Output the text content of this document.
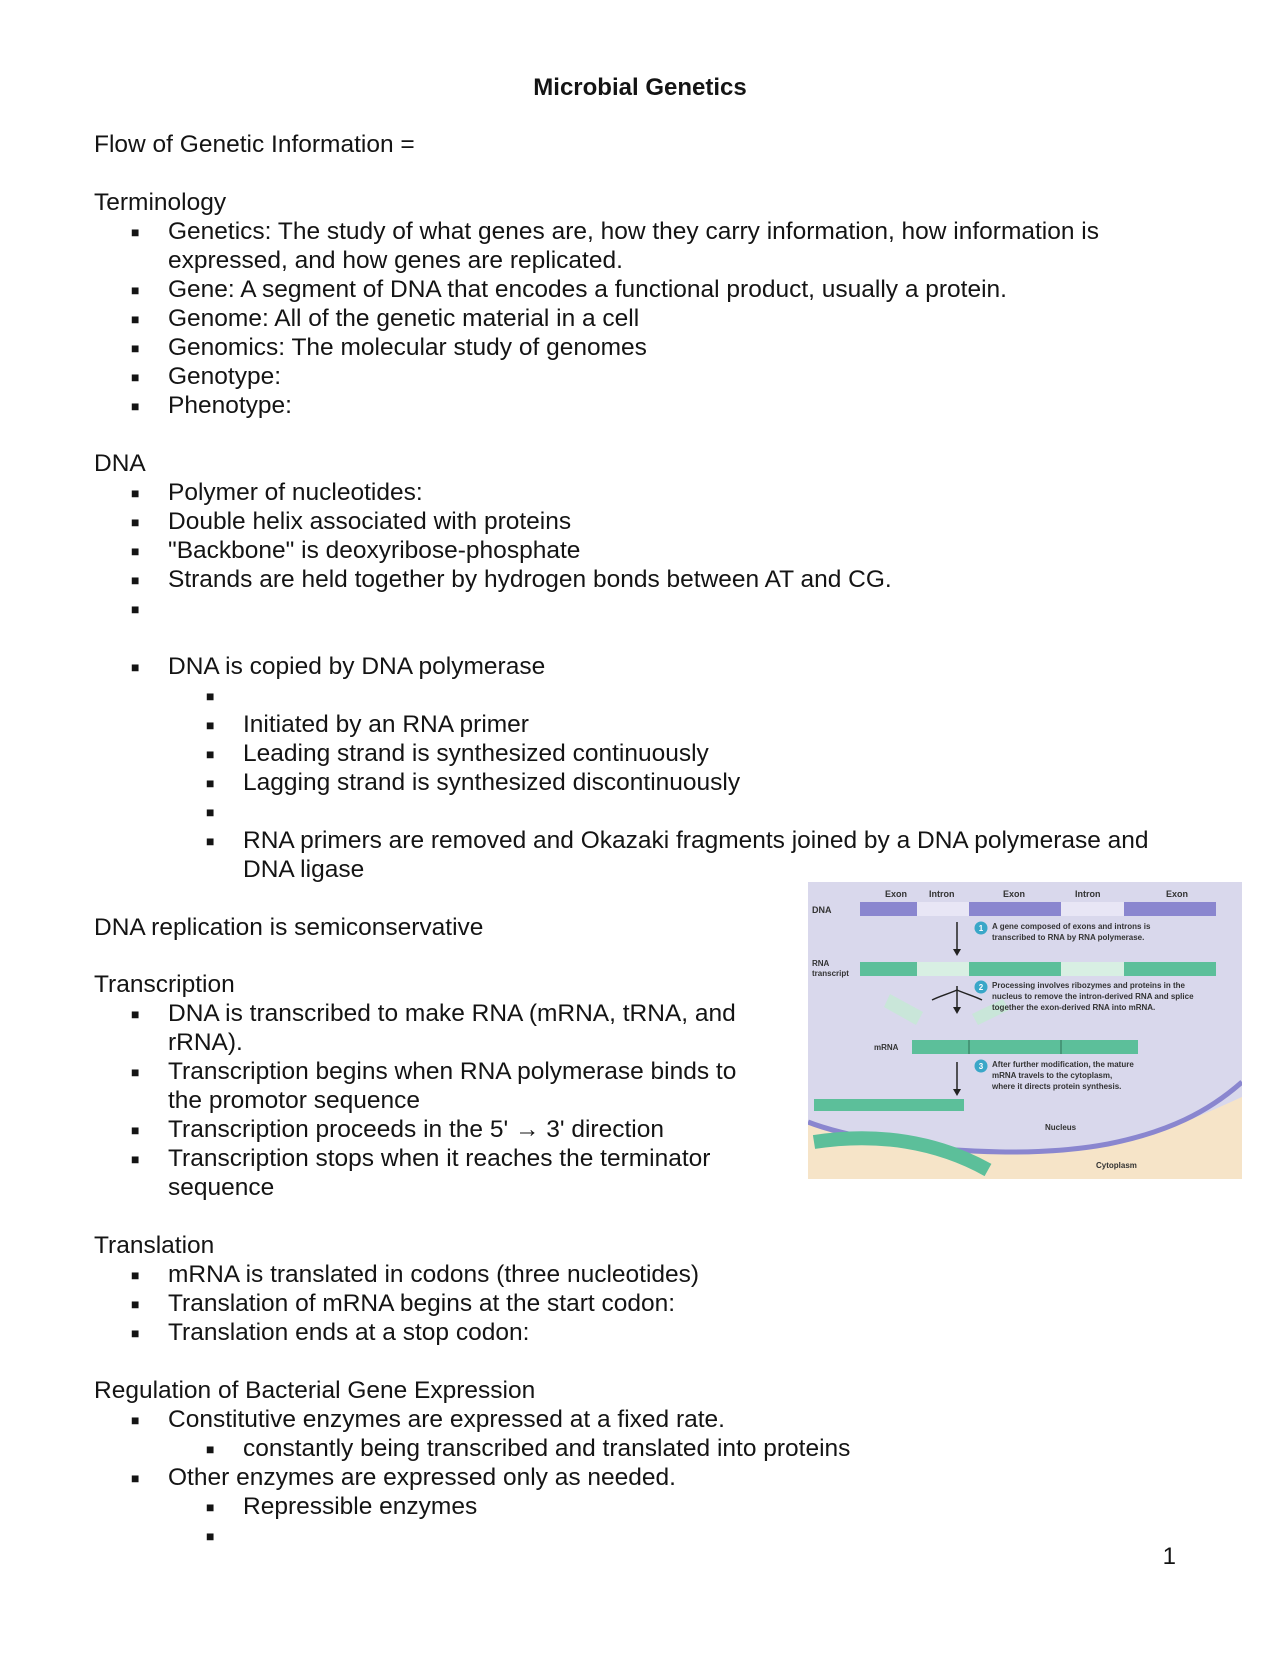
Microbial Genetics
Flow of Genetic Information =
Terminology
■ Genetics: The study of what genes are, how they carry information, how information is
expressed, and how genes are replicated.
■ Gene: A segment of DNA that encodes a functional product, usually a protein.
■ Genome: All of the genetic material in a cell
■ Genomics: The molecular study of genomes
■ Genotype:
■ Phenotype:
DNA
■ Polymer of nucleotides:
■ Double helix associated with proteins
■ "Backbone" is deoxyribose-phosphate
■ Strands are held together by hydrogen bonds between AT and CG.
■
■ DNA is copied by DNA polymerase
■
■ Initiated by an RNA primer
■ Leading strand is synthesized continuously
■ Lagging strand is synthesized discontinuously
■
■ RNA primers are removed and Okazaki fragments joined by a DNA polymerase and
DNA ligase
DNA replication is semiconservative
Transcription
■ DNA is transcribed to make RNA (mRNA, tRNA, and
rRNA).
■ Transcription begins when RNA polymerase binds to
the promotor sequence
■ Transcription proceeds in the 5' → 3' direction
■ Transcription stops when it reaches the terminator
sequence
Translation
■ mRNA is translated in codons (three nucleotides)
■ Translation of mRNA begins at the start codon:
■ Translation ends at a stop codon:
Regulation of Bacterial Gene Expression
■ Constitutive enzymes are expressed at a fixed rate.
■ constantly being transcribed and translated into proteins
■ Other enzymes are expressed only as needed.
■ Repressible enzymes
■
1
Exon Intron	Exon	Intron	Exon
DNA
1 A gene composed of exons and introns is
transcribed to RNA by RNA polymerase.
RNA
transcript
2 Processing involves ribozymes and proteins in the
nucleus to remove the intron-derived RNA and splice
together the exon-derived RNA into mRNA.
mRNA
3 After further modification, the mature
mRNA travels to the cytoplasm,
where it directs protein synthesis.
Nucleus
Cytoplasm
